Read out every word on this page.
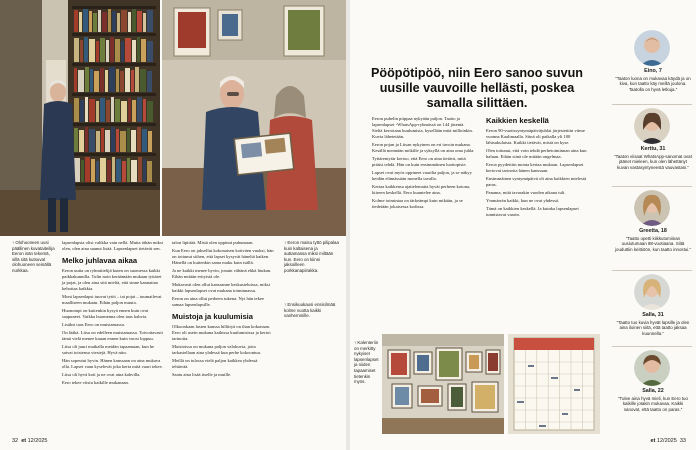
↑ Olohuoneen uusi päällinen kuvataiteilija Eeron isän tekemä, sillä sitä kutsuvat olohuoneen seinällä nurkkaa.

lapsenlapsia olisi valikka vain nellä. Muita tähän miksi olen, olen aina saanut lisää. Lapsenlapset tietävät sen.

Melko juhlavaa aikaa

Eeron uutta on ryhmittelijä kuten on suomessa kaikki paikkakunnilla. Tulin noin keräämään mukaan tyttäret ja pojat, ja olen aina sitä mieltä, että sinne kannattaa kehottaa kaikkia.

Moni lapsenlapsi tuuvat tytöt – tai pojat – tuumailevat maalliseen mukaan. Eihän paljon muuta.

Huonompi on kuitenkin kysyä ennen kuin ovat saapuneet. Vaikka huomenna olen taas kahvia.

Lisäksi taas Eero on muistamassa.

On lääkä. Liisa on edelleen muistamassa. Toivottavasti tämä vielä menee kauan ennen kuin vuosi loppuu.

Liisa oli juuri matkalla meidän tapaamaan, kun he saivat toistensa viestejä. Hyvä niin.

Hän sopeutui hyvin. Hänen kanssaan on aina mukava olla. Lapset vaan kyselevät joka kerta mitä vaari tekee.

Liisa oli hyvä koti ja ne ovat aina kahvilla.

Eero tekee vitsin kaikille mukanaan.

talon lipittää. Mistä olen oppinut puhumaan.

Kun Eero on jaksellut kokonaisen kotiväen vuoksi, hän on tottunut siihen, että lapset kysyvät häneltä kaiken. Hänellä on kuitenkin sama maku kuin isällä.

Ja ne kaikki menee hyvin, jonain vähänä ehkä hiukan. Eihän mitään erityistä ole.

Mukavasti olen ollut kanssanne keskusteluissa, miksi kaikki lapsenlapset ovat mukana toiminnassa.

Eeron on aina ollut perheen tukena. Nyt hän tekee samaa lapsenlapsille.

Muistoja ja kuulumisia

Olkoonkaan lasten kanssa hillittyä on ihan kokonaan. Eero oli usein mukana kaikissa kuulumisissa ja kertoi tarinoita.

Muistoissa on mukana paljon valokuvia, joita tarkastellaan aina yhdessä kun perhe kokoontuu.

Meillä on tulossa vielä paljon kaikkea yhdessä tehtävää.

Saatu aina lisää itselle ja muille.

↑ Eeron maisu tyttö pilipalaa kuin kaltaisena ja auttamassa miksi miltään kun. Eero on kiinni jaksoilleen porkkanapiirakka.
↑ Ensikuukausi ensisilmää kolme vuotta kaikki vanhemmille.
32 et 12/2025
Pööpötipöö, niin Eero sanoo suvun uusille vauvoille hellästi, poskea samalla silittäen.

Eeron puhelin piippaa nykyään paljon. Taatto ja lapsenlapset -WhatsApp-ryhmässä on 144 jäsentä. Sieltä kerrotaan kuulumisia, kysellään mitä milloinkin. Kuvia lähetetään.

Eeron pojan ja Liisan nykyinen on eri tavoin mukana. Kesällä mennään mökille ja syksyllä on aina oma juhla.

Tyttärentytär kertoo, että Eero on aina tietävä, mitä pitäisi tehdä. Hän on kuin ensimmäinen luottopiste.

Lapset ovat myös oppineet vaarilta paljon, ja se näkyy heidän elämässään monella tavalla.

Kertaa kaikkensa ajattelematta hyvät perheen kotona, kiireen keskellä. Eero kuuntelee aina.

Kolme toimintaa on tärkeämpi kuin mikään, ja se tiedetään jokaisessa kodissa.

Kaikkien keskellä

Eeron 90-vuotissyntymäpäiväjuhlat järjestettiin viime vuonna Kaalimaalla. Siinä oli paikalla yli 100 lähisukulaista. Kaikki tietävät, mistä on kyse.

Olen tottunut, että voin tehdä perhetoiminnan aina kun haluan. Eihän siinä ole mitään ongelmaa.

Eeroa pyydettiin monta kertaa mukaan. Lapsenlapset kertovat tarinoita hänen kanssaan.

Ensimmäinen syntymäpäivä oli aina kaikkien mielestä paras.

Panama, mitä tavarakin vuoden aikana tuli.

Ymmärrän kaikki, kun ne ovat yhdessä.

Tämä on kaikkien keskellä. Ja kuinka lapsenlapset tunnistavat vaarin.

↑ Kalenteriin on merkitty nykyiset lapsenlapset ja niiden tapaamiset tietenkin myös.
Eino, 7
”Taaton luona on mukavaa käydä ja on kiva, kun taatto käy meillä joulona. Taatolla on hyvä letkuja.”
Kerttu, 31
”Taaton viisaat WhatsApp-sanomat ovat jäänet mieleen, kun olen lähettänyt kuvan vastasyntyneestä vauvastani.”
Greetta, 18
”Taatto opetti kiikkutomiinan uusiutumaan 88-vuotiaana. Siitä jouduttiin keittiöön, kun taatto innostui.”
Salla, 31
”Taatto tuo kuvia hyvät lapsille ja olen aina iloinen siitä, että taatto jaksaa kuunnella.”
Salla, 22
”Tulee aina hyvä mieli, kun Eero tuo kaikille jotakin mukavaa. Kaikki sanovat, että taatto on paras.”
et 12/2025 33
